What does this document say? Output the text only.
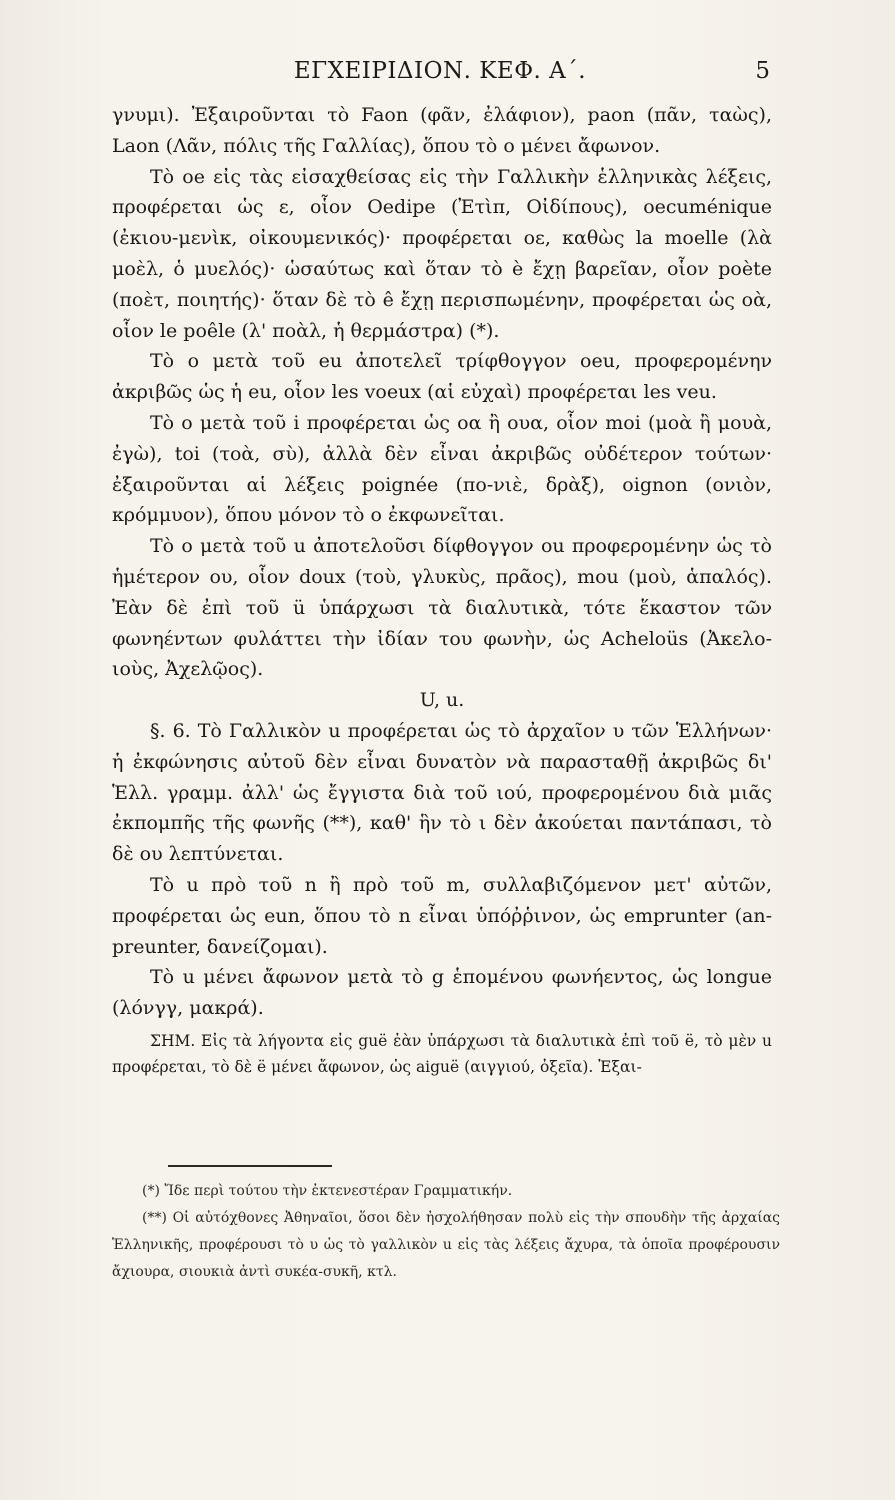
ΕΓΧΕΙΡΙΔΙΟΝ. ΚΕΦ. Α΄.	5

γνυμι). Ἐξαιροῦνται τὸ Faon (φᾶν, ἐλάφιον), paon (πᾶν, ταὼς), Laon (Λᾶν, πόλις τῆς Γαλλίας), ὅπου τὸ o μένει ἄφωνον.

Τὸ oe εἰς τὰς εἰσαχθείσας εἰς τὴν Γαλλικὴν ἑλληνικὰς λέξεις, προφέρεται ὡς ε, οἷον Oedipe (Ἐτὶπ, Οἰδίπους), oecuménique (ἐκιου-μενὶκ, οἰκουμενικός)· προφέρεται οε, καθὼς la moelle (λὰ μοὲλ, ὁ μυελός)· ὡσαύτως καὶ ὅταν τὸ è ἔχῃ βαρεῖαν, οἷον poète (ποὲτ, ποιητής)· ὅταν δὲ τὸ ê ἔχῃ περισπωμένην, προφέρεται ὡς οὰ, οἷον le poêle (λ' ποὰλ, ἡ θερμάστρα) (*).

Τὸ o μετὰ τοῦ eu ἀποτελεῖ τρίφθογγον oeu, προφερομένην ἀκριβῶς ὡς ἡ eu, οἷον les voeux (αἱ εὐχαὶ) προφέρεται les veu.

Τὸ o μετὰ τοῦ i προφέρεται ὡς οα ἢ ουα, οἷον moi (μοὰ ἢ μουὰ, ἐγὼ), toi (τοὰ, σὺ), ἀλλὰ δὲν εἶναι ἀκριβῶς οὐδέτερον τούτων· ἐξαιροῦνται αἱ λέξεις poignée (πο-νιὲ, δρὰξ), oignon (ονιὸν, κρόμμυον), ὅπου μόνον τὸ o ἐκφωνεῖται.

Τὸ o μετὰ τοῦ u ἀποτελοῦσι δίφθογγον ou προφερομένην ὡς τὸ ἡμέτερον ου, οἷον doux (τοὺ, γλυκὺς, πρᾶος), mou (μοὺ, ἁπαλός). Ἐὰν δὲ ἐπὶ τοῦ ü ὑπάρχωσι τὰ διαλυτικὰ, τότε ἕκαστον τῶν φωνηέντων φυλάττει τὴν ἰδίαν του φωνὴν, ὡς Acheloüs (Ἀκελο-ιοὺς, Ἀχελῷος).

U, u.

§. 6. Τὸ Γαλλικὸν u προφέρεται ὡς τὸ ἀρχαῖον υ τῶν Ἑλλήνων· ἡ ἐκφώνησις αὐτοῦ δὲν εἶναι δυνατὸν νὰ παρασταθῇ ἀκριβῶς δι' Ἑλλ. γραμμ. ἀλλ' ὡς ἔγγιστα διὰ τοῦ ιού, προφερομένου διὰ μιᾶς ἐκπομπῆς τῆς φωνῆς (**), καθ' ἣν τὸ ι δὲν ἀκούεται παντάπασι, τὸ δὲ ου λεπτύνεται.

Τὸ u πρὸ τοῦ n ἢ πρὸ τοῦ m, συλλαβιζόμενον μετ' αὐτῶν, προφέρεται ὡς eun, ὅπου τὸ n εἶναι ὑπόῤῥινον, ὡς emprunter (an-preunter, δανείζομαι).

Τὸ u μένει ἄφωνον μετὰ τὸ g ἑπομένου φωνήεντος, ὡς longue (λόνγγ, μακρά).

ΣΗΜ. Εἰς τὰ λήγοντα εἰς guë ἐὰν ὑπάρχωσι τὰ διαλυτικὰ ἐπὶ τοῦ ë, τὸ μὲν u προφέρεται, τὸ δὲ ë μένει ἄφωνον, ὡς aiguë (αιγγιού, ὀξεῖα). Ἐξαι-

(*) Ἴδε περὶ τούτου τὴν ἐκτενεστέραν Γραμματικήν.

(**) Οἱ αὐτόχθονες Ἀθηναῖοι, ὅσοι δὲν ἠσχολήθησαν πολὺ εἰς τὴν σπουδὴν τῆς ἀρχαίας Ἑλληνικῆς, προφέρουσι τὸ υ ὡς τὸ γαλλικὸν u εἰς τὰς λέξεις ἄχυρα, τὰ ὁποῖα προφέρουσιν ἄχιουρα, σιουκιὰ ἀντὶ συκέα-συκῆ, κτλ.
